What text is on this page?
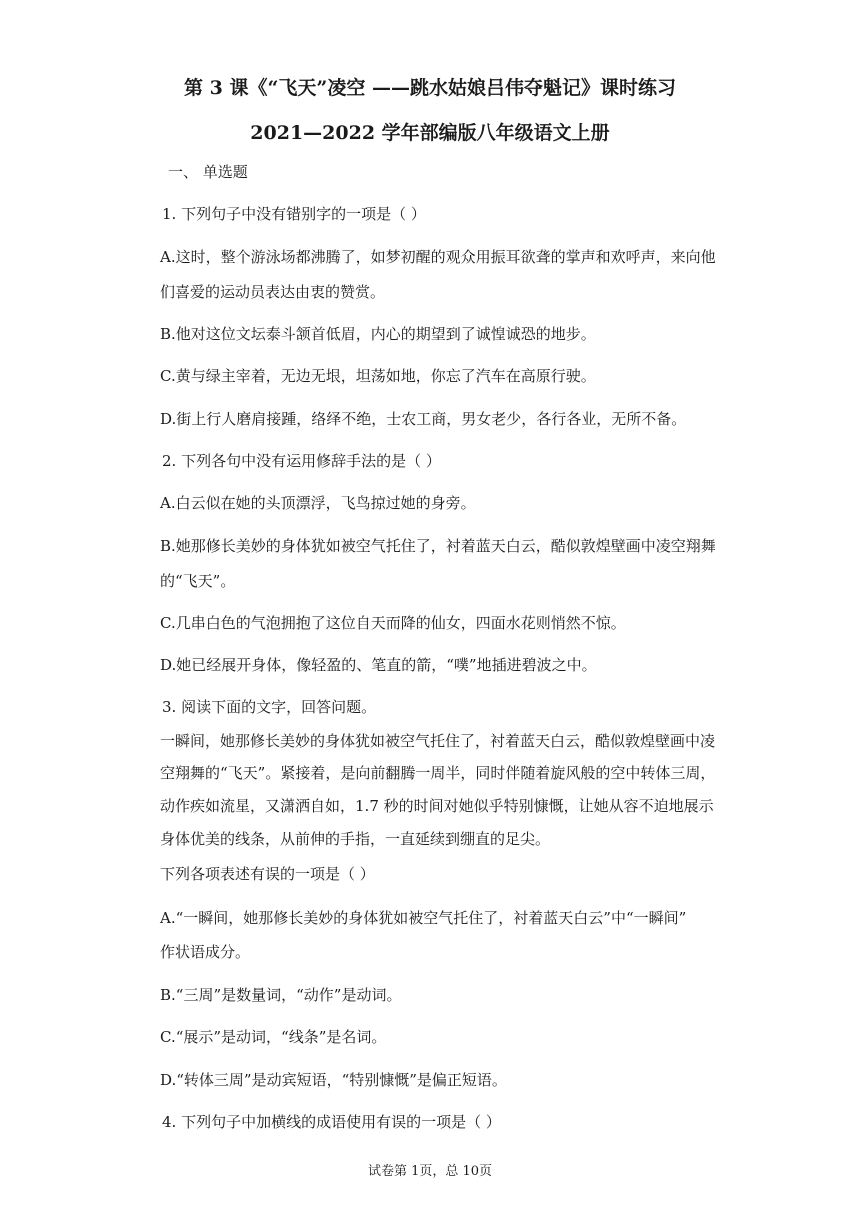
第 3 课《“飞天”凌空 ——跳水姑娘吕伟夺魁记》课时练习
2021—2022 学年部编版八年级语文上册
一、 单选题
1. 下列句子中没有错别字的一项是（ ）
A.这时，整个游泳场都沸腾了，如梦初醒的观众用振耳欲聋的掌声和欢呼声，来向他
们喜爱的运动员表达由衷的赞赏。
B.他对这位文坛泰斗颔首低眉，内心的期望到了诚惶诚恐的地步。
C.黄与绿主宰着，无边无垠，坦荡如地，你忘了汽车在高原行驶。
D.街上行人磨肩接踵，络绎不绝，士农工商，男女老少，各行各业，无所不备。
2. 下列各句中没有运用修辞手法的是（ ）
A.白云似在她的头顶漂浮，飞鸟掠过她的身旁。
B.她那修长美妙的身体犹如被空气托住了，衬着蓝天白云，酷似敦煌壁画中凌空翔舞
的“飞天”。
C.几串白色的气泡拥抱了这位自天而降的仙女，四面水花则悄然不惊。
D.她已经展开身体，像轻盈的、笔直的箭，“噗”地插进碧波之中。
3. 阅读下面的文字，回答问题。
一瞬间，她那修长美妙的身体犹如被空气托住了，衬着蓝天白云，酷似敦煌壁画中凌
空翔舞的“飞天”。紧接着，是向前翻腾一周半，同时伴随着旋风般的空中转体三周，
动作疾如流星，又潇洒自如，1.7 秒的时间对她似乎特别慷慨，让她从容不迫地展示
身体优美的线条，从前伸的手指，一直延续到绷直的足尖。
下列各项表述有误的一项是（ ）
A.“一瞬间，她那修长美妙的身体犹如被空气托住了，衬着蓝天白云”中“一瞬间”
作状语成分。
B.“三周”是数量词，“动作”是动词。
C.“展示”是动词，“线条”是名词。
D.“转体三周”是动宾短语，“特别慷慨”是偏正短语。
4. 下列句子中加横线的成语使用有误的一项是（ ）
试卷第 1页，总 10页
